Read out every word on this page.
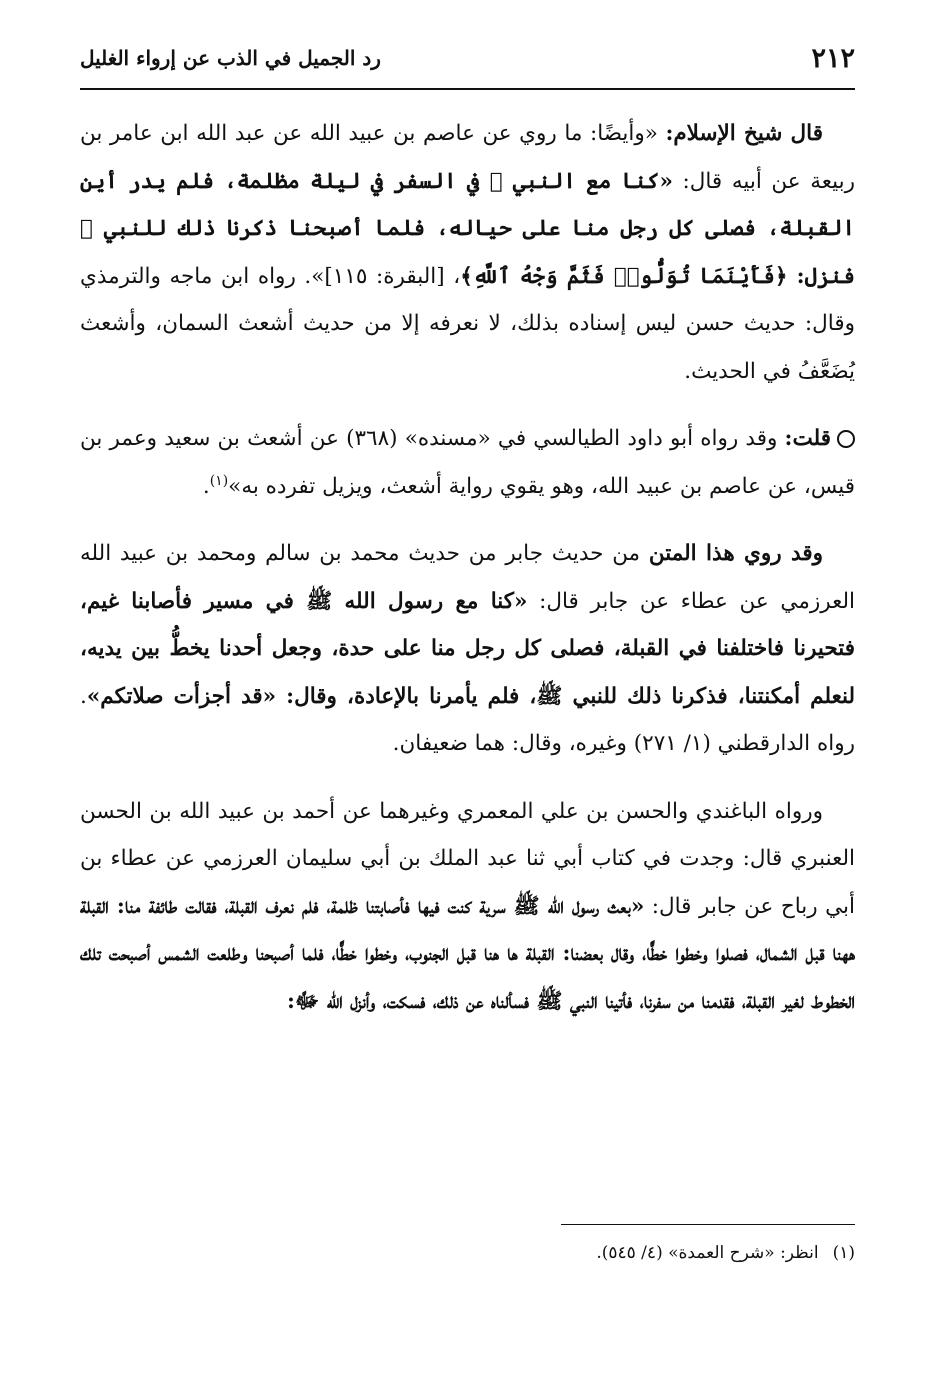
٢١٢
رد الجميل في الذب عن إرواء الغليل

قال شيخ الإسلام: «وأيضًا: ما روي عن عاصم بن عبيد الله عن عبد الله ابن عامر بن ربيعة عن أبيه قال: «كنا مع النبي ﷺ في السفر في ليلة مظلمة، فلم يدر أين القبلة، فصلى كل رجل منا على حياله، فلما أصبحنا ذكرنا ذلك للنبي ﷺ فنزل: ﴿فَأَيْنَمَا تُوَلُّوا۟ فَثَمَّ وَجْهُ ٱللَّهِ﴾، [البقرة: ١١٥]». رواه ابن ماجه والترمذي وقال: حديث حسن ليس إسناده بذلك، لا نعرفه إلا من حديث أشعث السمان، وأشعث يُضَعَّفُ في الحديث.

قلت: وقد رواه أبو داود الطيالسي في «مسنده» (٣٦٨) عن أشعث بن سعيد وعمر بن قيس، عن عاصم بن عبيد الله، وهو يقوي رواية أشعث، ويزيل تفرده به»$^{(١)}$.

وقد روي هذا المتن من حديث جابر من حديث محمد بن سالم ومحمد بن عبيد الله العرزمي عن عطاء عن جابر قال: «كنا مع رسول الله ﷺ في مسير فأصابنا غيم، فتحيرنا فاختلفنا في القبلة، فصلى كل رجل منا على حدة، وجعل أحدنا يخطُّ بين يديه، لنعلم أمكنتنا، فذكرنا ذلك للنبي ﷺ، فلم يأمرنا بالإعادة، وقال: «قد أجزأت صلاتكم». رواه الدارقطني (١/ ٢٧١) وغيره، وقال: هما ضعيفان.

ورواه الباغندي والحسن بن علي المعمري وغيرهما عن أحمد بن عبيد الله بن الحسن العنبري قال: وجدت في كتاب أبي ثنا عبد الملك بن أبي سليمان العرزمي عن عطاء بن أبي رباح عن جابر قال: «بعث رسول الله ﷺ سرية كنت فيها فأصابتنا ظلمة، فلم نعرف القبلة، فقالت طائفة منا: القبلة ههنا قبل الشمال، فصلوا وخطوا خطًّا، وقال بعضنا: القبلة ها هنا قبل الجنوب، وخطوا خطًّا، فلما أصبحنا وطلعت الشمس أصبحت تلك الخطوط لغير القبلة، فقدمنا من سفرنا، فأتينا النبي ﷺ فسألناه عن ذلك، فسكت، وأنزل الله ﷻ:

(١)انظر: «شرح العمدة» (٤/ ٥٤٥).
